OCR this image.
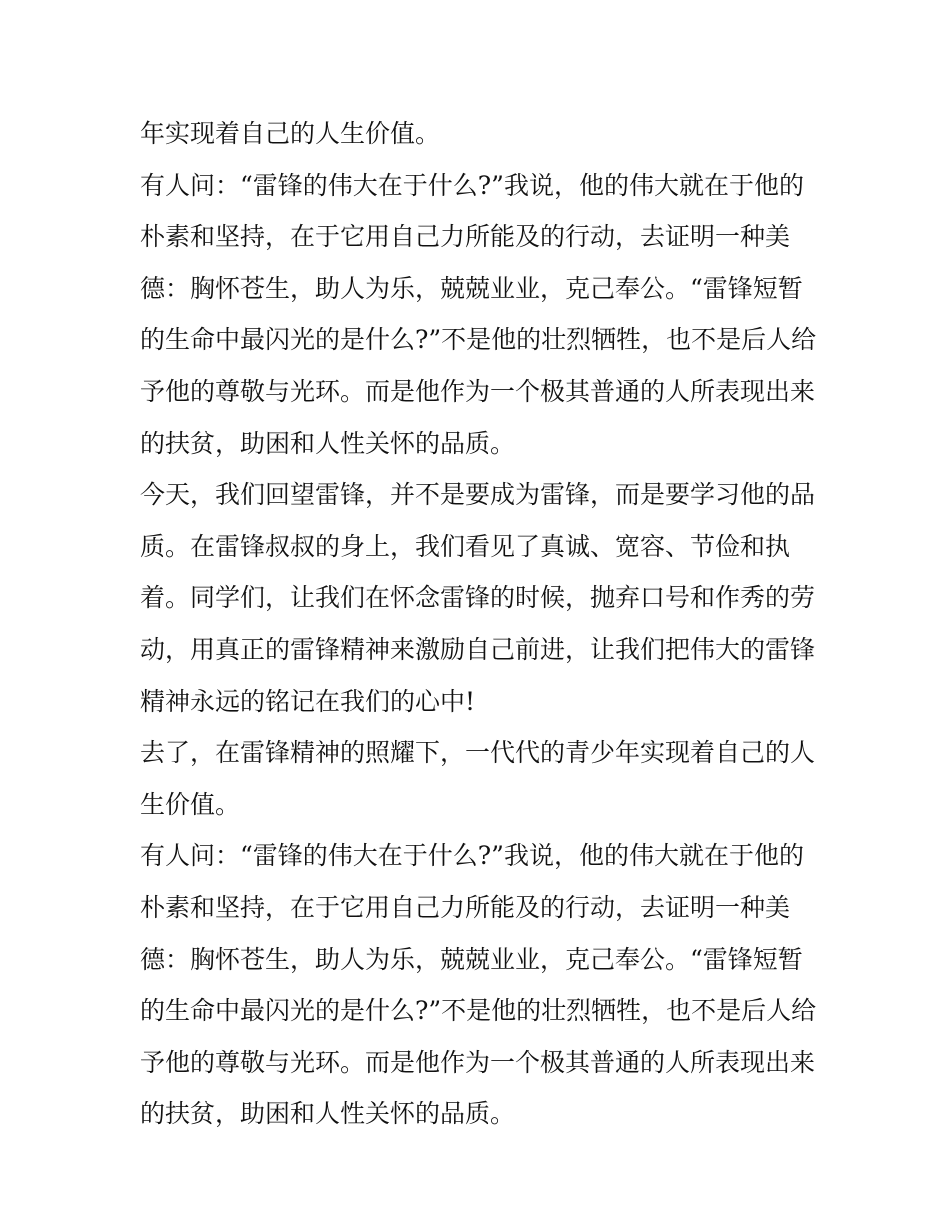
年实现着自己的人生价值。
有人问：“雷锋的伟大在于什么?”我说，他的伟大就在于他的
朴素和坚持，在于它用自己力所能及的行动，去证明一种美
德：胸怀苍生，助人为乐，兢兢业业，克己奉公。“雷锋短暂
的生命中最闪光的是什么?”不是他的壮烈牺牲，也不是后人给
予他的尊敬与光环。而是他作为一个极其普通的人所表现出来
的扶贫，助困和人性关怀的品质。
今天，我们回望雷锋，并不是要成为雷锋，而是要学习他的品
质。在雷锋叔叔的身上，我们看见了真诚、宽容、节俭和执
着。同学们，让我们在怀念雷锋的时候，抛弃口号和作秀的劳
动，用真正的雷锋精神来激励自己前进，让我们把伟大的雷锋
精神永远的铭记在我们的心中!
去了，在雷锋精神的照耀下，一代代的青少年实现着自己的人
生价值。
有人问：“雷锋的伟大在于什么?”我说，他的伟大就在于他的
朴素和坚持，在于它用自己力所能及的行动，去证明一种美
德：胸怀苍生，助人为乐，兢兢业业，克己奉公。“雷锋短暂
的生命中最闪光的是什么?”不是他的壮烈牺牲，也不是后人给
予他的尊敬与光环。而是他作为一个极其普通的人所表现出来
的扶贫，助困和人性关怀的品质。
